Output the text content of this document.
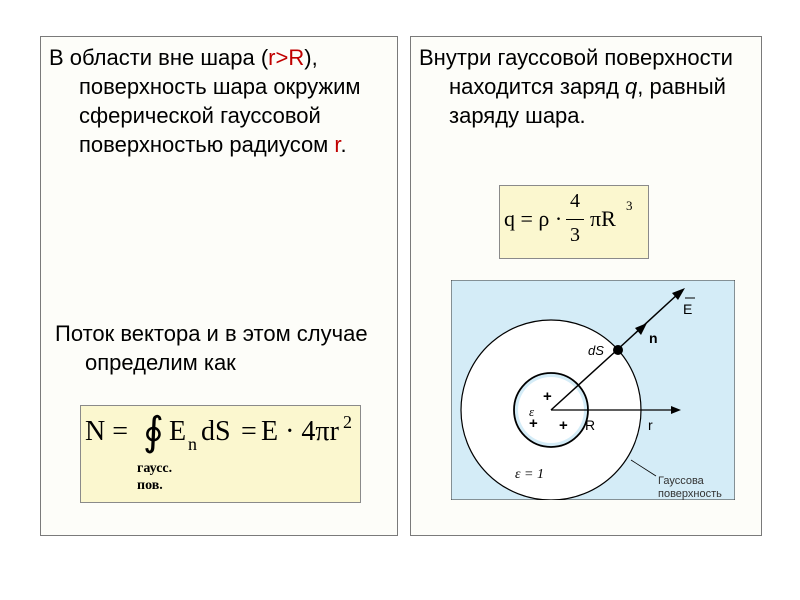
В области вне шара (r>R), поверхность шара окружим сферической гауссовой поверхностью радиусом r.

Поток вектора и в этом случае определим как

N = ∮ E n dS = E · 4πr 2
гаусс.
пов.

Внутри гауссовой поверхности находится заряд q, равный заряду шара.

q = ρ ·
4
3
πR
3
E
n
dS
R	r
ε
ε = 1
+
+ +
Гауссова
поверхность
